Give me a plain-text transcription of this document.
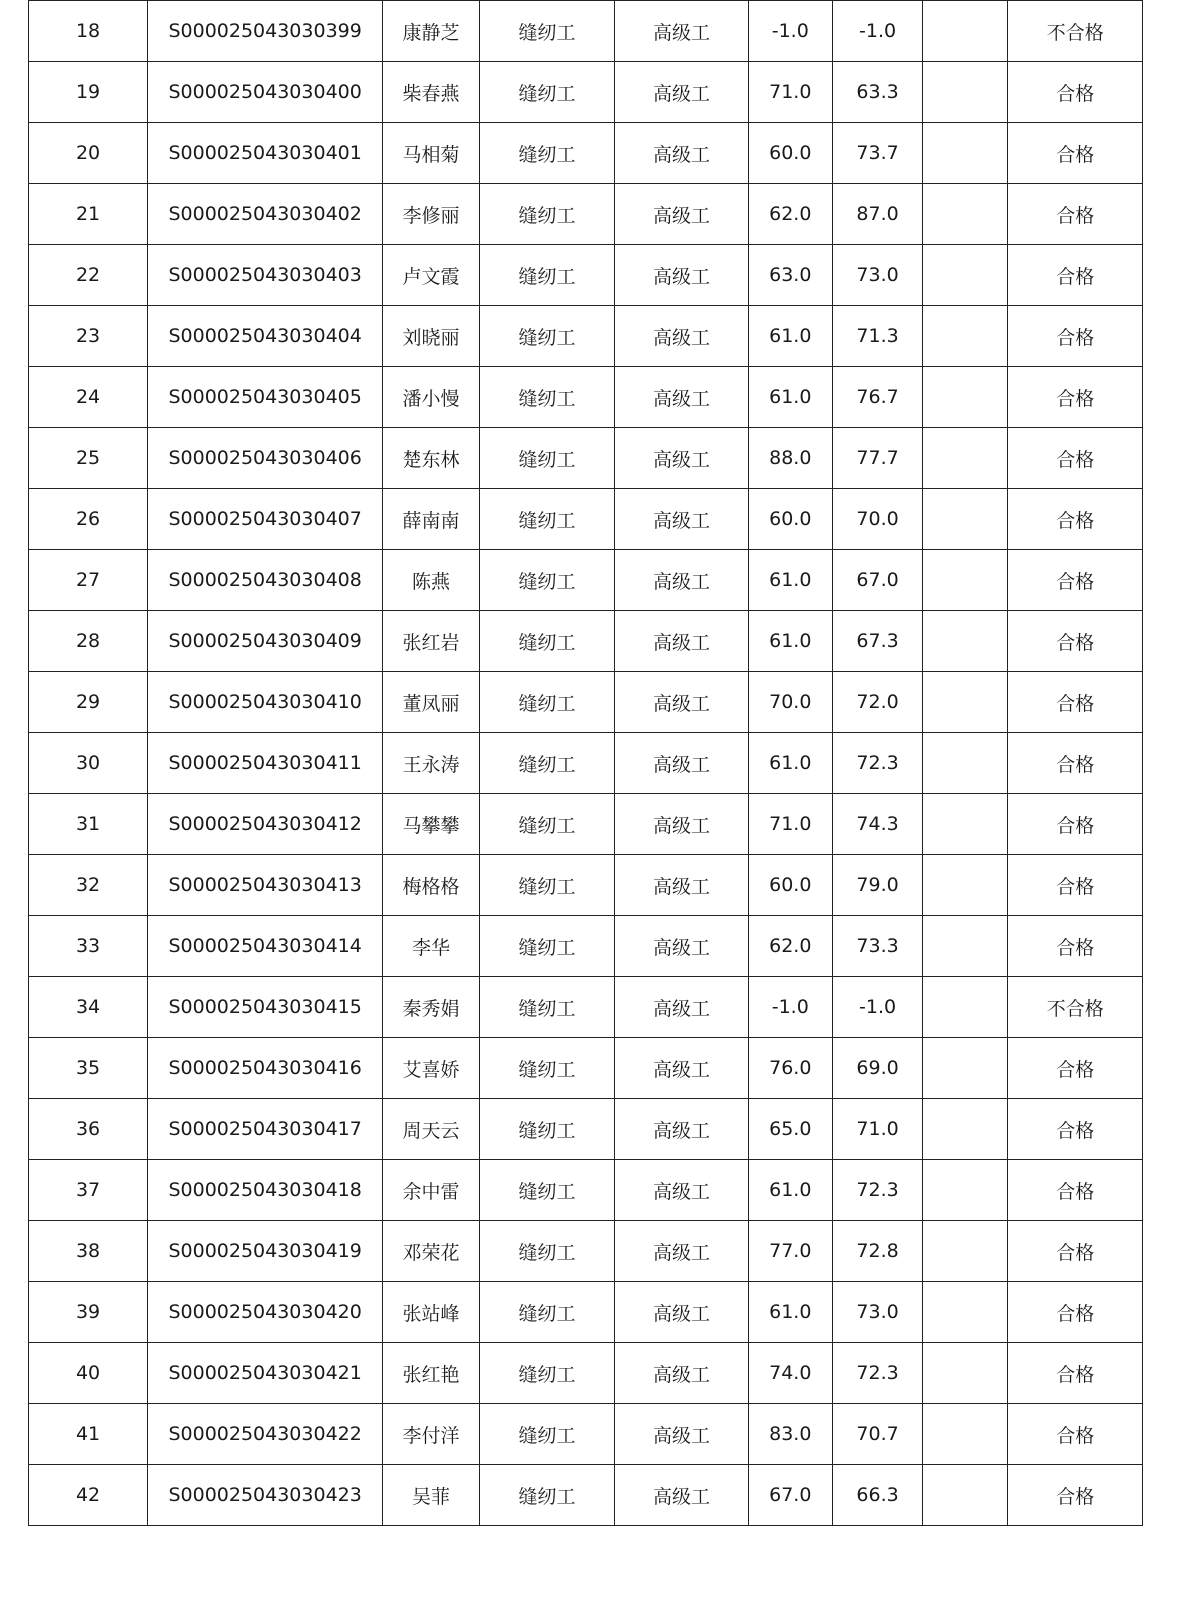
18	S000025043030399	康静芝	缝纫工	高级工	-1.0	-1.0		不合格
19	S000025043030400	柴春燕	缝纫工	高级工	71.0	63.3		合格
20	S000025043030401	马相菊	缝纫工	高级工	60.0	73.7		合格
21	S000025043030402	李修丽	缝纫工	高级工	62.0	87.0		合格
22	S000025043030403	卢文霞	缝纫工	高级工	63.0	73.0		合格
23	S000025043030404	刘晓丽	缝纫工	高级工	61.0	71.3		合格
24	S000025043030405	潘小慢	缝纫工	高级工	61.0	76.7		合格
25	S000025043030406	楚东林	缝纫工	高级工	88.0	77.7		合格
26	S000025043030407	薛南南	缝纫工	高级工	60.0	70.0		合格
27	S000025043030408	陈燕	缝纫工	高级工	61.0	67.0		合格
28	S000025043030409	张红岩	缝纫工	高级工	61.0	67.3		合格
29	S000025043030410	董凤丽	缝纫工	高级工	70.0	72.0		合格
30	S000025043030411	王永涛	缝纫工	高级工	61.0	72.3		合格
31	S000025043030412	马攀攀	缝纫工	高级工	71.0	74.3		合格
32	S000025043030413	梅格格	缝纫工	高级工	60.0	79.0		合格
33	S000025043030414	李华	缝纫工	高级工	62.0	73.3		合格
34	S000025043030415	秦秀娟	缝纫工	高级工	-1.0	-1.0		不合格
35	S000025043030416	艾喜娇	缝纫工	高级工	76.0	69.0		合格
36	S000025043030417	周天云	缝纫工	高级工	65.0	71.0		合格
37	S000025043030418	余中雷	缝纫工	高级工	61.0	72.3		合格
38	S000025043030419	邓荣花	缝纫工	高级工	77.0	72.8		合格
39	S000025043030420	张站峰	缝纫工	高级工	61.0	73.0		合格
40	S000025043030421	张红艳	缝纫工	高级工	74.0	72.3		合格
41	S000025043030422	李付洋	缝纫工	高级工	83.0	70.7		合格
42	S000025043030423	吴菲	缝纫工	高级工	67.0	66.3		合格
